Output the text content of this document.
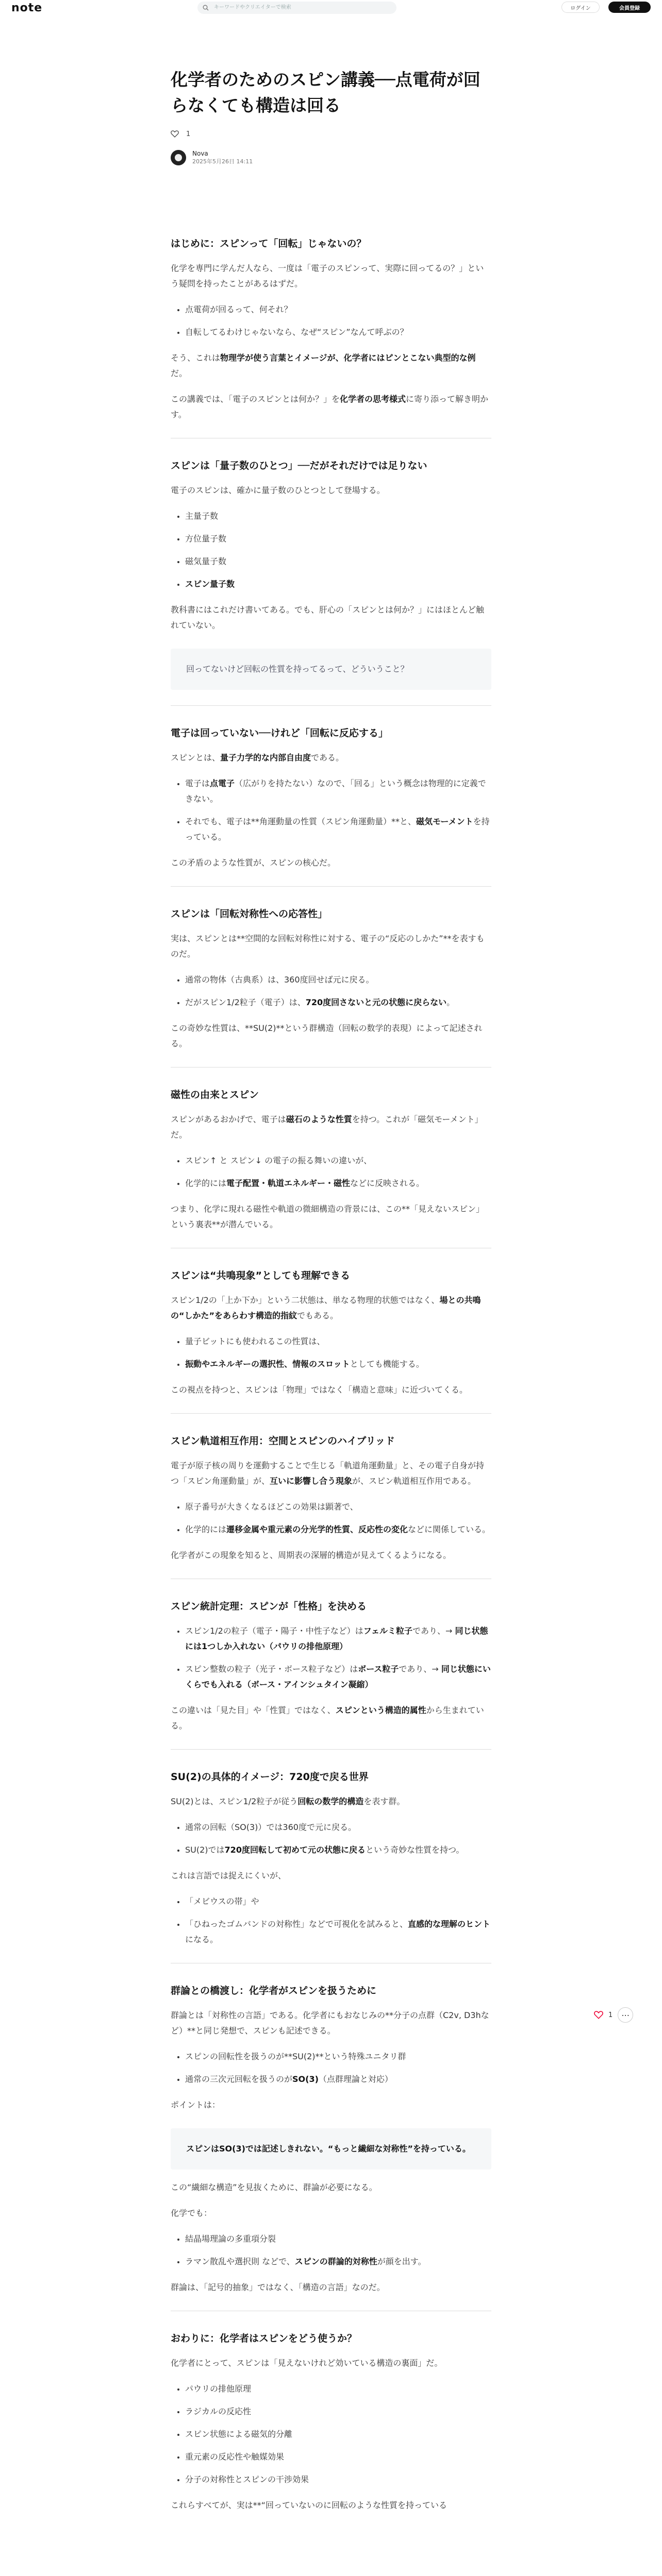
note	キーワードやクリエイターで検索	ログイン	会員登録
化学者のためのスピン講義──点電荷が回らなくても構造は回る
1
Nova
2025年5月26日 14:11
はじめに：スピンって「回転」じゃないの？

化学を専門に学んだ人なら、一度は「電子のスピンって、実際に回ってるの？」という疑問を持ったことがあるはずだ。

• 点電荷が回るって、何それ？
• 自転してるわけじゃないなら、なぜ“スピン”なんて呼ぶの？

そう、これは物理学が使う言葉とイメージが、化学者にはピンとこない典型的な例だ。

この講義では、「電子のスピンとは何か？」を化学者の思考様式に寄り添って解き明かす。

スピンは「量子数のひとつ」──だがそれだけでは足りない

電子のスピンは、確かに量子数のひとつとして登場する。

• 主量子数
• 方位量子数
• 磁気量子数
• スピン量子数

教科書にはこれだけ書いてある。でも、肝心の「スピンとは何か？」にはほとんど触れていない。

回ってないけど回転の性質を持ってるって、どういうこと？
電子は回っていない──けれど「回転に反応する」

スピンとは、量子力学的な内部自由度である。

• 電子は点電子（広がりを持たない）なので、「回る」という概念は物理的に定義できない。
• それでも、電子は**角運動量の性質（スピン角運動量）**と、磁気モーメントを持っている。

この矛盾のような性質が、スピンの核心だ。

スピンは「回転対称性への応答性」

実は、スピンとは**空間的な回転対称性に対する、電子の“反応のしかた”**を表すものだ。

• 通常の物体（古典系）は、360度回せば元に戻る。
• だがスピン1/2粒子（電子）は、720度回さないと元の状態に戻らない。

この奇妙な性質は、**SU(2)**という群構造（回転の数学的表現）によって記述される。

磁性の由来とスピン

スピンがあるおかげで、電子は磁石のような性質を持つ。これが「磁気モーメント」だ。

• スピン↑ と スピン↓ の電子の振る舞いの違いが、
• 化学的には電子配置・軌道エネルギー・磁性などに反映される。

つまり、化学に現れる磁性や軌道の微細構造の背景には、この**「見えないスピン」という裏表**が潜んでいる。

スピンは“共鳴現象”としても理解できる

スピン1/2の「上か下か」という二状態は、単なる物理的状態ではなく、場との共鳴の“しかた”をあらわす構造的指紋でもある。

• 量子ビットにも使われるこの性質は、
• 振動やエネルギーの選択性、情報のスロットとしても機能する。

この視点を持つと、スピンは「物理」ではなく「構造と意味」に近づいてくる。

スピン軌道相互作用：空間とスピンのハイブリッド

電子が原子核の周りを運動することで生じる「軌道角運動量」と、その電子自身が持つ「スピン角運動量」が、互いに影響し合う現象が、スピン軌道相互作用である。

• 原子番号が大きくなるほどこの効果は顕著で、
• 化学的には遷移金属や重元素の分光学的性質、反応性の変化などに関係している。

化学者がこの現象を知ると、周期表の深層的構造が見えてくるようになる。

スピン統計定理：スピンが「性格」を決める
• スピン1/2の粒子（電子・陽子・中性子など）はフェルミ粒子であり、→ 同じ状態には1つしか入れない（パウリの排他原理）
• スピン整数の粒子（光子・ボース粒子など）はボース粒子であり、→ 同じ状態にいくらでも入れる（ボース・アインシュタイン凝縮）

この違いは「見た目」や「性質」ではなく、スピンという構造的属性から生まれている。

SU(2)の具体的イメージ：720度で戻る世界

SU(2)とは、スピン1/2粒子が従う回転の数学的構造を表す群。

• 通常の回転（SO(3)）では360度で元に戻る。
• SU(2)では720度回転して初めて元の状態に戻るという奇妙な性質を持つ。

これは言語では捉えにくいが、

• 「メビウスの帯」や
• 「ひねったゴムバンドの対称性」などで可視化を試みると、直感的な理解のヒントになる。
群論との橋渡し：化学者がスピンを扱うために

群論とは「対称性の言語」である。化学者にもおなじみの**分子の点群（C2v, D3hなど）**と同じ発想で、スピンも記述できる。

• スピンの回転性を扱うのが**SU(2)**という特殊ユニタリ群
• 通常の三次元回転を扱うのがSO(3)（点群理論と対応）

ポイントは：

スピンはSO(3)では記述しきれない。“もっと繊細な対称性”を持っている。

この“繊細な構造”を見抜くために、群論が必要になる。

化学でも：

• 結晶場理論の多重項分裂
• ラマン散乱や選択則 などで、スピンの群論的対称性が顔を出す。

群論は、「記号的抽象」ではなく、「構造の言語」なのだ。

おわりに：化学者はスピンをどう使うか？

化学者にとって、スピンは「見えないけれど効いている構造の裏面」だ。

• パウリの排他原理
• ラジカルの反応性
• スピン状態による磁気的分離
• 重元素の反応性や触媒効果
• 分子の対称性とスピンの干渉効果

これらすべてが、実は**“回っていないのに回転のような性質を持っている

1	⋯
